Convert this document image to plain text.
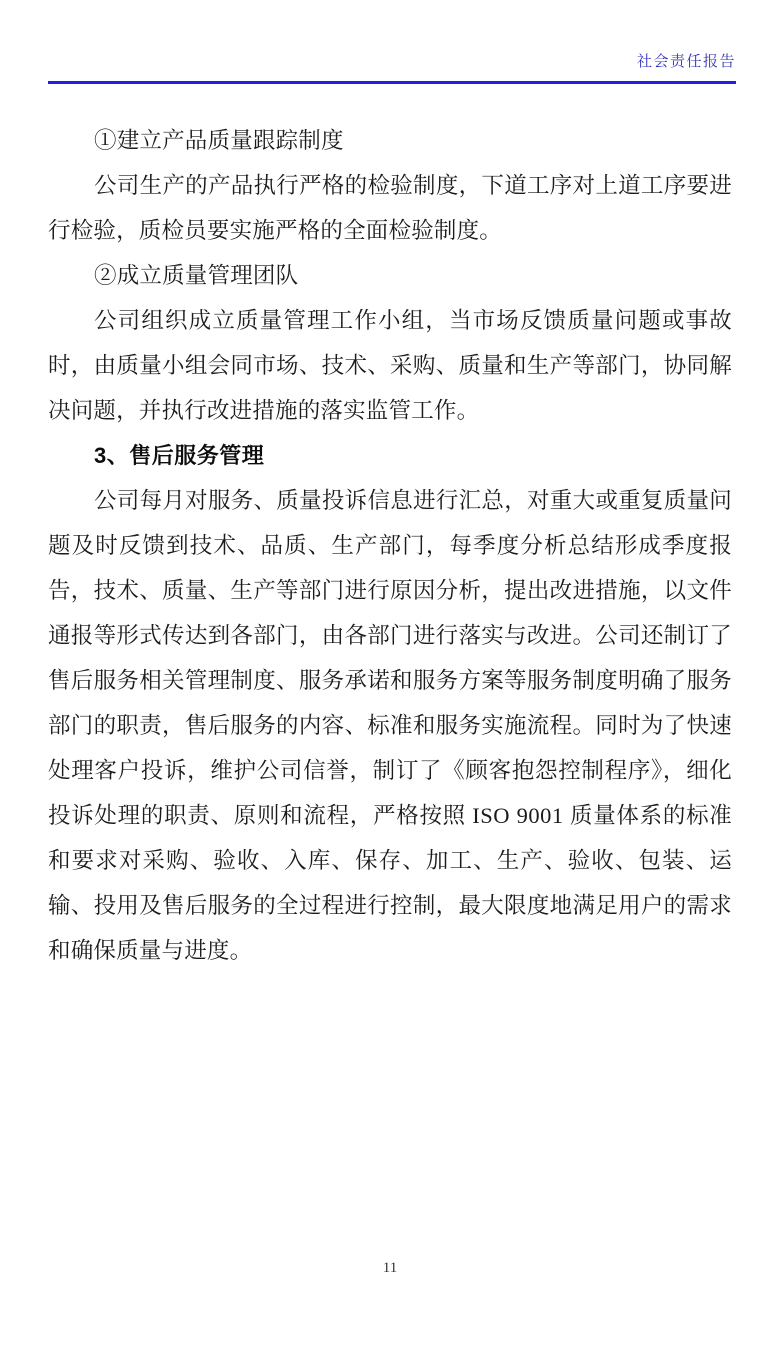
社会责任报告

①建立产品质量跟踪制度

公司生产的产品执行严格的检验制度，下道工序对上道工序要进行检验，质检员要实施严格的全面检验制度。

②成立质量管理团队

公司组织成立质量管理工作小组，当市场反馈质量问题或事故时，由质量小组会同市场、技术、采购、质量和生产等部门，协同解决问题，并执行改进措施的落实监管工作。

3、售后服务管理

公司每月对服务、质量投诉信息进行汇总，对重大或重复质量问题及时反馈到技术、品质、生产部门，每季度分析总结形成季度报告，技术、质量、生产等部门进行原因分析，提出改进措施，以文件通报等形式传达到各部门，由各部门进行落实与改进。公司还制订了售后服务相关管理制度、服务承诺和服务方案等服务制度明确了服务部门的职责，售后服务的内容、标准和服务实施流程。同时为了快速处理客户投诉，维护公司信誉，制订了《顾客抱怨控制程序》，细化投诉处理的职责、原则和流程，严格按照 ISO 9001 质量体系的标准和要求对采购、验收、入库、保存、加工、生产、验收、包装、运输、投用及售后服务的全过程进行控制，最大限度地满足用户的需求和确保质量与进度。

11
